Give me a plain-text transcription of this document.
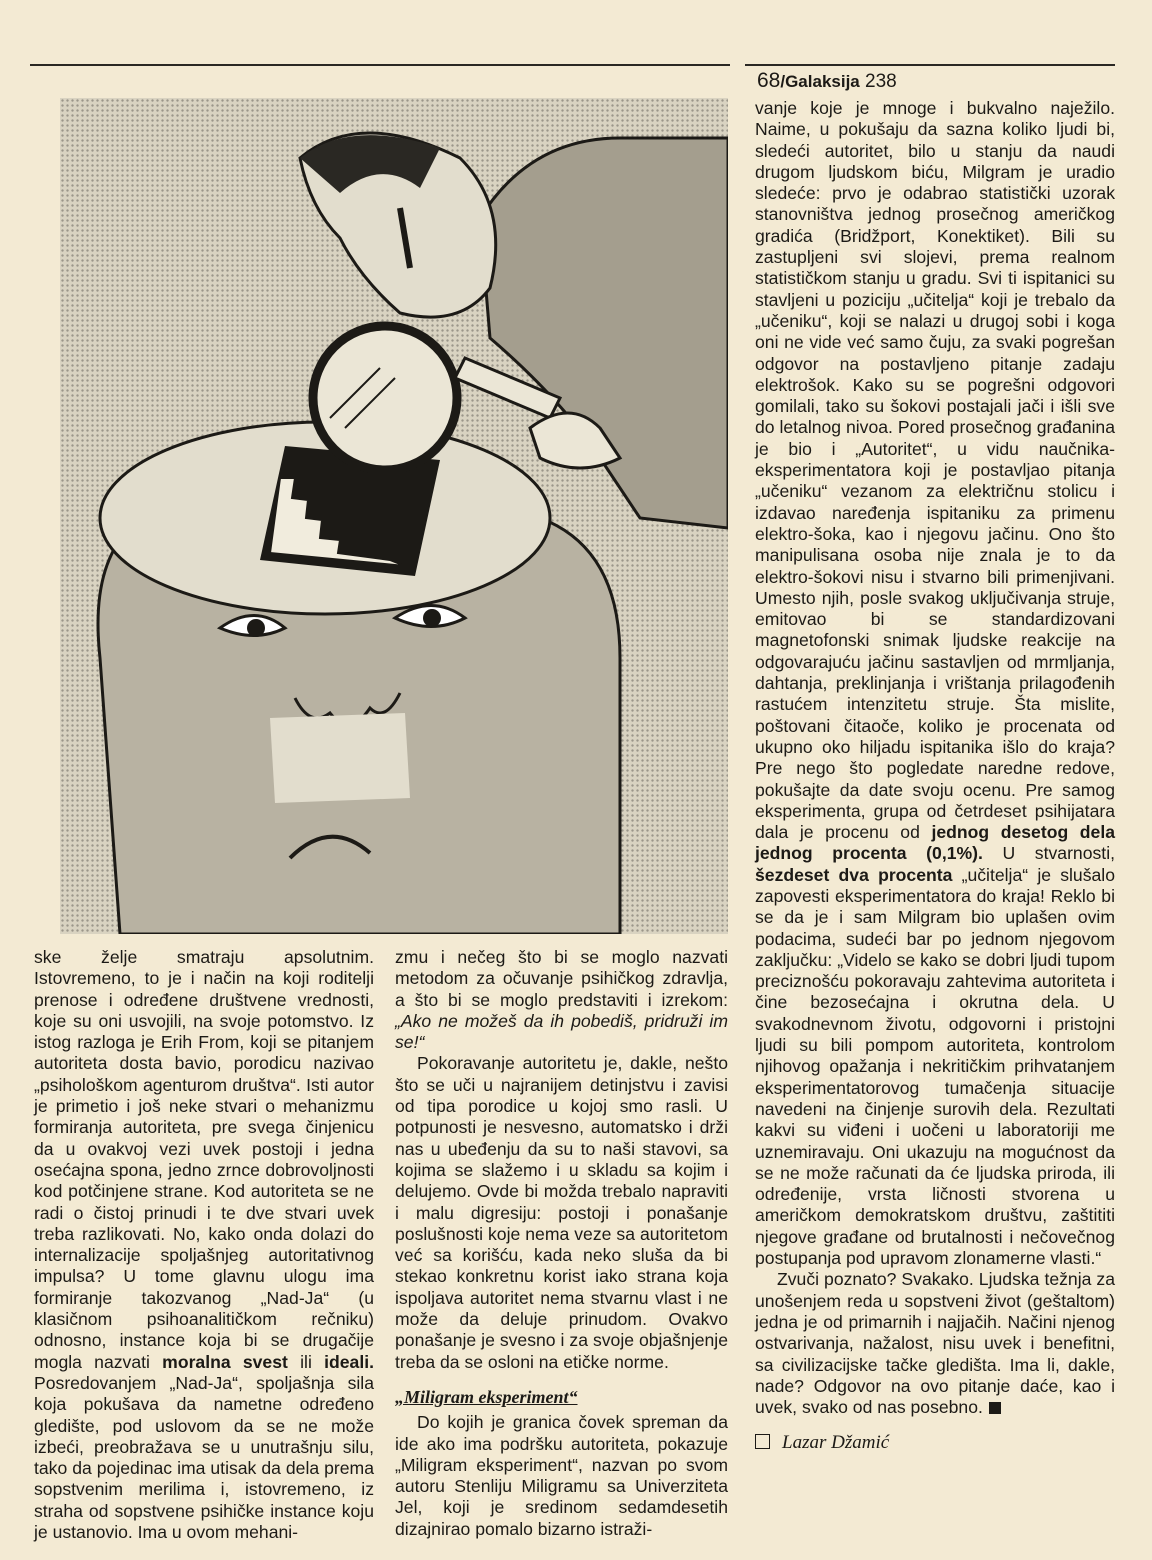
68/Galaksija 238

ske želje smatraju apsolutnim. Istovremeno, to je i način na koji roditelji prenose i određene društvene vrednosti, koje su oni usvojili, na svoje potomstvo. Iz istog razloga je Erih From, koji se pitanjem autoriteta dosta bavio, porodicu nazivao „psihološkom agenturom društva“. Isti autor je primetio i još neke stvari o mehanizmu formiranja autoriteta, pre svega činjenicu da u ovakvoj vezi uvek postoji i jedna osećajna spona, jedno zrnce dobrovoljnosti kod potčinjene strane. Kod autoriteta se ne radi o čistoj prinudi i te dve stvari uvek treba razlikovati. No, kako onda dolazi do internalizacije spoljašnjeg autoritativnog impulsa? U tome glavnu ulogu ima formiranje takozvanog „Nad-Ja“ (u klasičnom psihoanalitičkom rečniku) odnosno, instance koja bi se drugačije mogla nazvati moralna svest ili ideali. Posredovanjem „Nad-Ja“, spoljašnja sila koja pokušava da nametne određeno gledište, pod uslovom da se ne može izbeći, preobražava se u unutrašnju silu, tako da pojedinac ima utisak da dela prema sopstvenim merilima i, istovremeno, iz straha od sopstvene psihičke instance koju je ustanovio. Ima u ovom mehani-

zmu i nečeg što bi se moglo nazvati metodom za očuvanje psihičkog zdravlja, a što bi se moglo predstaviti i izrekom: „Ako ne možeš da ih pobediš, pridruži im se!“

Pokoravanje autoritetu je, dakle, nešto što se uči u najranijem detinjstvu i zavisi od tipa porodice u kojoj smo rasli. U potpunosti je nesvesno, automatsko i drži nas u ubeđenju da su to naši stavovi, sa kojima se slažemo i u skladu sa kojim i delujemo. Ovde bi možda trebalo napraviti i malu digresiju: postoji i ponašanje poslušnosti koje nema veze sa autoritetom već sa korišću, kada neko sluša da bi stekao konkretnu korist iako strana koja ispoljava autoritet nema stvarnu vlast i ne može da deluje prinudom. Ovakvo ponašanje je svesno i za svoje objašnjenje treba da se osloni na etičke norme.

„Miligram eksperiment“

Do kojih je granica čovek spreman da ide ako ima podršku autoriteta, pokazuje „Miligram eksperiment“, nazvan po svom autoru Stenliju Miligramu sa Univerziteta Jel, koji je sredinom sedamdesetih dizajnirao pomalo bizarno istraži-

vanje koje je mnoge i bukvalno naježilo. Naime, u pokušaju da sazna koliko ljudi bi, sledeći autoritet, bilo u stanju da naudi drugom ljudskom biću, Milgram je uradio sledeće: prvo je odabrao statistički uzorak stanovništva jednog prosečnog američkog gradića (Bridžport, Konektiket). Bili su zastupljeni svi slojevi, prema realnom statističkom stanju u gradu. Svi ti ispitanici su stavljeni u poziciju „učitelja“ koji je trebalo da „učeniku“, koji se nalazi u drugoj sobi i koga oni ne vide već samo čuju, za svaki pogrešan odgovor na postavljeno pitanje zadaju elektrošok. Kako su se pogrešni odgovori gomilali, tako su šokovi postajali jači i išli sve do letalnog nivoa. Pored prosečnog građanina je bio i „Autoritet“, u vidu naučnika-eksperimentatora koji je postavljao pitanja „učeniku“ vezanom za električnu stolicu i izdavao naređenja ispitaniku za primenu elektro-šoka, kao i njegovu jačinu. Ono što manipulisana osoba nije znala je to da elektro-šokovi nisu i stvarno bili primenjivani. Umesto njih, posle svakog uključivanja struje, emitovao bi se standardizovani magnetofonski snimak ljudske reakcije na odgovarajuću jačinu sastavljen od mrmljanja, dahtanja, preklinjanja i vrištanja prilagođenih rastućem intenzitetu struje. Šta mislite, poštovani čitaoče, koliko je procenata od ukupno oko hiljadu ispitanika išlo do kraja? Pre nego što pogledate naredne redove, pokušajte da date svoju ocenu. Pre samog eksperimenta, grupa od četrdeset psihijatara dala je procenu od jednog desetog dela jednog procenta (0,1%). U stvarnosti, šezdeset dva procenta „učitelja“ je slušalo zapovesti eksperimentatora do kraja! Reklo bi se da je i sam Milgram bio uplašen ovim podacima, sudeći bar po jednom njegovom zaključku: „Videlo se kako se dobri ljudi tupom preciznošću pokoravaju zahtevima autoriteta i čine bezosećajna i okrutna dela. U svakodnevnom životu, odgovorni i pristojni ljudi su bili pompom autoriteta, kontrolom njihovog opažanja i nekritičkim prihvatanjem eksperimentatorovog tumačenja situacije navedeni na činjenje surovih dela. Rezultati kakvi su viđeni i uočeni u laboratoriji me uznemiravaju. Oni ukazuju na mogućnost da se ne može računati da će ljudska priroda, ili određenije, vrsta ličnosti stvorena u američkom demokratskom društvu, zaštititi njegove građane od brutalnosti i nečovečnog postupanja pod upravom zlonamerne vlasti.“

Zvuči poznato? Svakako. Ljudska težnja za unošenjem reda u sopstveni život (geštaltom) jedna je od primarnih i najjačih. Načini njenog ostvarivanja, nažalost, nisu uvek i benefitni, sa civilizacijske tačke gledišta. Ima li, dakle, nade? Odgovor na ovo pitanje daće, kao i uvek, svako od nas posebno.

Lazar Džamić
